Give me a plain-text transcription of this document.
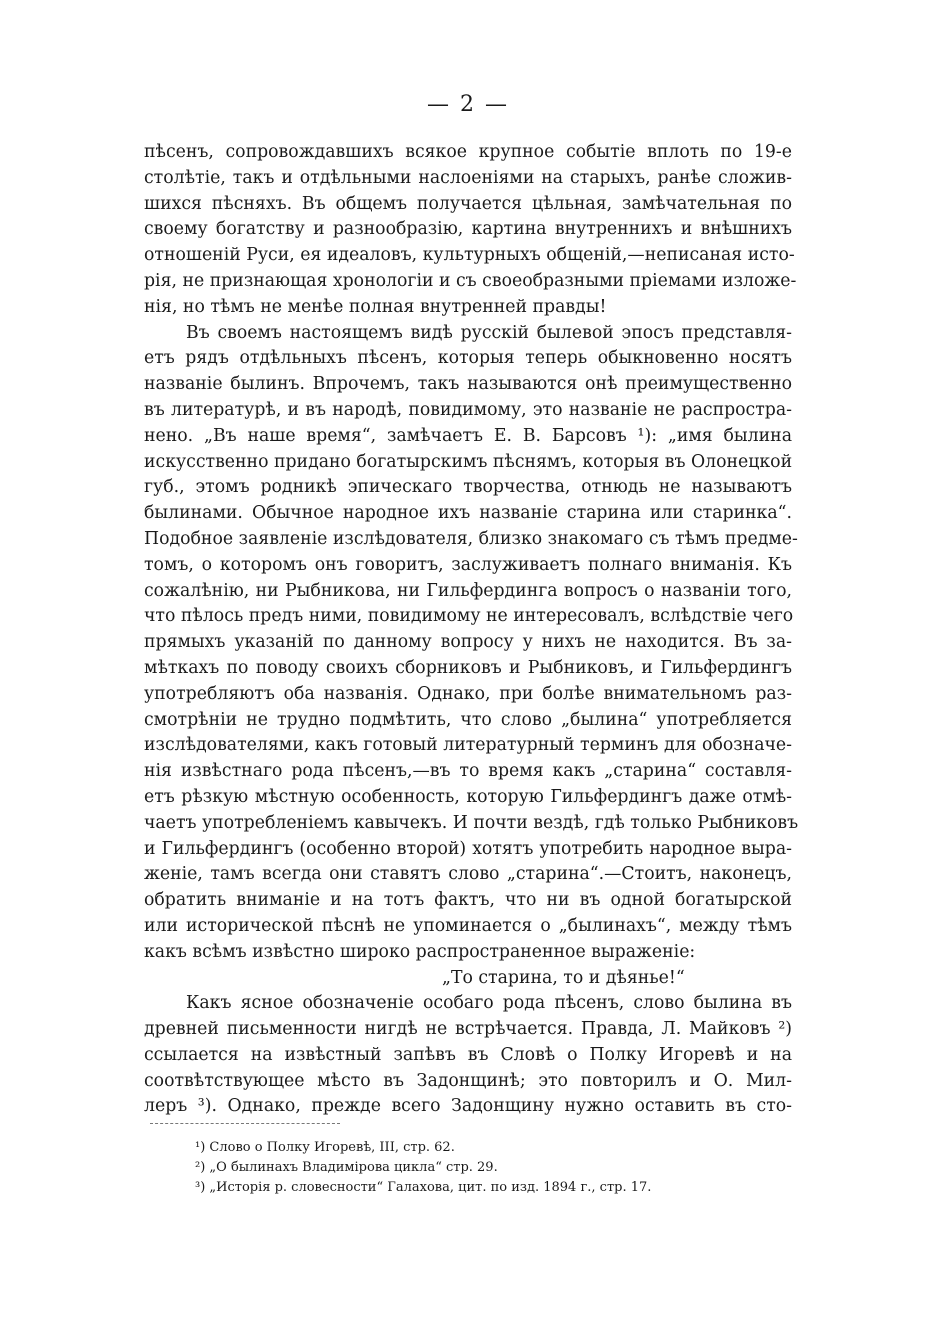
— 2 —
пѣсенъ, сопровождавшихъ всякое крупное событіе вплоть по 19-е
столѣтіе, такъ и отдѣльными наслоеніями на старыхъ, ранѣе сложив-
шихся пѣсняхъ. Въ общемъ получается цѣльная, замѣчательная по
своему богатству и разнообразію, картина внутреннихъ и внѣшнихъ
отношеній Руси, ея идеаловъ, культурныхъ общеній,—неписаная исто-
рія, не признающая хронологіи и съ своеобразными пріемами изложе-
нія, но тѣмъ не менѣе полная внутренней правды!
Въ своемъ настоящемъ видѣ русскій былевой эпосъ представля-
етъ рядъ отдѣльныхъ пѣсенъ, которыя теперь обыкновенно носятъ
названіе былинъ. Впрочемъ, такъ называются онѣ преимущественно
въ литературѣ, и въ народѣ, повидимому, это названіе не распростра-
нено. „Въ наше время“, замѣчаетъ Е. В. Барсовъ ¹): „имя былина
искусственно придано богатырскимъ пѣснямъ, которыя въ Олонецкой
губ., этомъ родникѣ эпическаго творчества, отнюдь не называютъ
былинами. Обычное народное ихъ названіе старина или старинка“.
Подобное заявленіе изслѣдователя, близко знакомаго съ тѣмъ предме-
томъ, о которомъ онъ говоритъ, заслуживаетъ полнаго вниманія. Къ
сожалѣнію, ни Рыбникова, ни Гильфердинга вопросъ о названіи того,
что пѣлось предъ ними, повидимому не интересовалъ, вслѣдствіе чего
прямыхъ указаній по данному вопросу у нихъ не находится. Въ за-
мѣткахъ по поводу своихъ сборниковъ и Рыбниковъ, и Гильфердингъ
употребляютъ оба названія. Однако, при болѣе внимательномъ раз-
смотрѣніи не трудно подмѣтить, что слово „былина“ употребляется
изслѣдователями, какъ готовый литературный терминъ для обозначе-
нія извѣстнаго рода пѣсенъ,—въ то время какъ „старина“ составля-
етъ рѣзкую мѣстную особенность, которую Гильфердингъ даже отмѣ-
чаетъ употребленіемъ кавычекъ. И почти вездѣ, гдѣ только Рыбниковъ
и Гильфердингъ (особенно второй) хотятъ употребить народное выра-
женіе, тамъ всегда они ставятъ слово „старина“.—Стоитъ, наконецъ,
обратить вниманіе и на тотъ фактъ, что ни въ одной богатырской
или исторической пѣснѣ не упоминается о „былинахъ“, между тѣмъ
какъ всѣмъ извѣстно широко распространенное выраженіе:
„То старина, то и дѣянье!“
Какъ ясное обозначеніе особаго рода пѣсенъ, слово былина въ
древней письменности нигдѣ не встрѣчается. Правда, Л. Майковъ ²)
ссылается на извѣстный запѣвъ въ Словѣ о Полку Игоревѣ и на
соотвѣтствующее мѣсто въ Задонщинѣ; это повторилъ и О. Мил-
леръ ³). Однако, прежде всего Задонщину нужно оставить въ сто-
¹) Слово о Полку Игоревѣ, III, стр. 62.
²) „О былинахъ Владимірова цикла“ стр. 29.
³) „Исторія р. словесности“ Галахова, цит. по изд. 1894 г., стр. 17.
